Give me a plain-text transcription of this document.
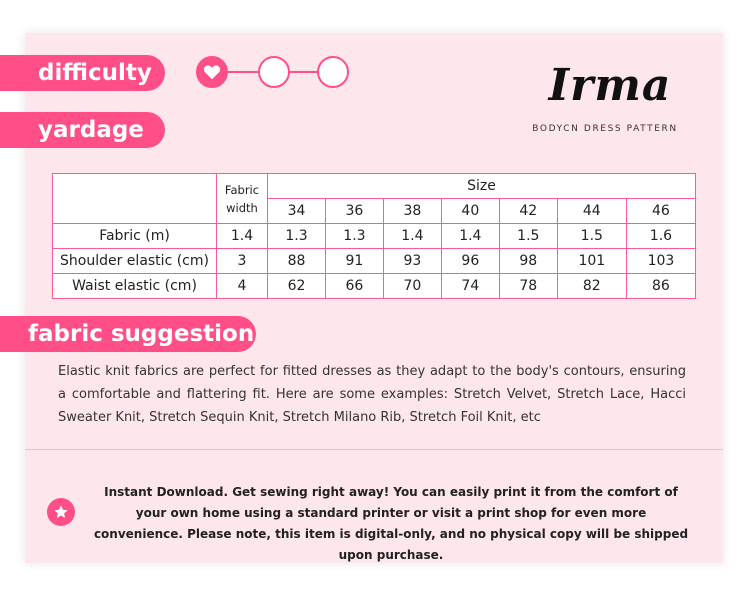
difficulty
yardage
Irma
BODYCN DRESS PATTERN
	Fabric
width	Size						
		34	36	38	40	42	44	46
Fabric (m)	1.4	1.3	1.3	1.4	1.4	1.5	1.5	1.6
Shoulder elastic (cm)	3	88	91	93	96	98	101	103
Waist elastic (cm)	4	62	66	70	74	78	82	86
fabric suggestion
Elastic knit fabrics are perfect for fitted dresses as they adapt to the body's contours, ensuring a comfortable and flattering fit. Here are some examples: Stretch Velvet, Stretch Lace, Hacci Sweater Knit, Stretch Sequin Knit, Stretch Milano Rib, Stretch Foil Knit, etc
Instant Download. Get sewing right away! You can easily print it from the comfort of your own home using a standard printer or visit a print shop for even more convenience. Please note, this item is digital-only, and no physical copy will be shipped upon purchase.
